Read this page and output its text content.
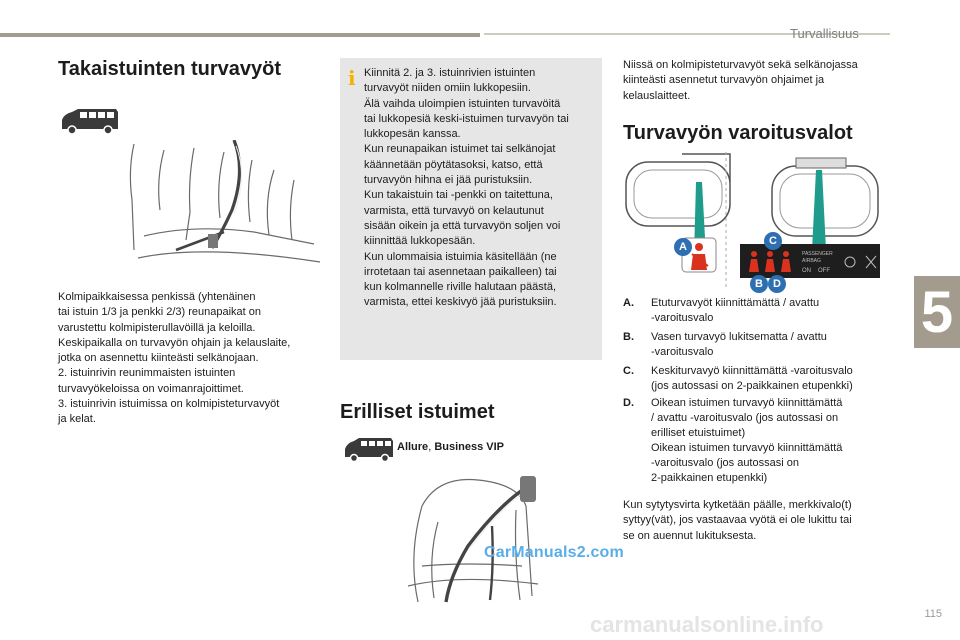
Turvallisuus
5
115
Takaistuinten turvavyöt
Kolmipaikkaisessa penkissä (yhtenäinen
tai istuin 1/3 ja penkki 2/3) reunapaikat on
varustettu kolmipisterullavöillä ja keloilla.
Keskipaikalla on turvavyön ohjain ja kelauslaite,
jotka on asennettu kiinteästi selkänojaan.
2. istuinrivin reunimmaisten istuinten
turvavyökeloissa on voimanrajoittimet.
3. istuinrivin istuimissa on kolmipisteturvavyöt
ja kelat.
i Kiinnitä 2. ja 3. istuinrivien istuinten
turvavyöt niiden omiin lukkopesiin.
Älä vaihda uloimpien istuinten turvavöitä
tai lukkopesiä keski-istuimen turvavyön tai
lukkopesän kanssa.
Kun reunapaikan istuimet tai selkänojat
käännetään pöytätasoksi, katso, että
turvavyön hihna ei jää puristuksiin.
Kun takaistuin tai -penkki on taitettuna,
varmista, että turvavyö on kelautunut
sisään oikein ja että turvavyön soljen voi
kiinnittää lukkopesään.
Kun ulommaisia istuimia käsitellään (ne
irrotetaan tai asennetaan paikalleen) tai
kun kolmannelle riville halutaan päästä,
varmista, ettei keskivyö jää puristuksiin.
Erilliset istuimet
Allure, Business VIP
CarManuals2.com
Niissä on kolmipisteturvavyöt sekä selkänojassa
kiinteästi asennetut turvavyön ohjaimet ja
kelauslaitteet.
Turvavyön varoitusvalot
PASSENGER
AIRBAG
ON OFF
A
B
C
D
A. Etuturvavyöt kiinnittämättä / avattu
-varoitusvalo
B. Vasen turvavyö lukitsematta / avattu
-varoitusvalo
C. Keskiturvavyö kiinnittämättä -varoitusvalo
(jos autossasi on 2-paikkainen etupenkki)
D. Oikean istuimen turvavyö kiinnittämättä
/ avattu -varoitusvalo (jos autossasi on
erilliset etuistuimet)
Oikean istuimen turvavyö kiinnittämättä
-varoitusvalo (jos autossasi on
2-paikkainen etupenkki)
Kun sytytysvirta kytketään päälle, merkkivalo(t)
syttyy(vät), jos vastaavaa vyötä ei ole lukittu tai
se on auennut lukituksesta.
carmanualsonline.info
